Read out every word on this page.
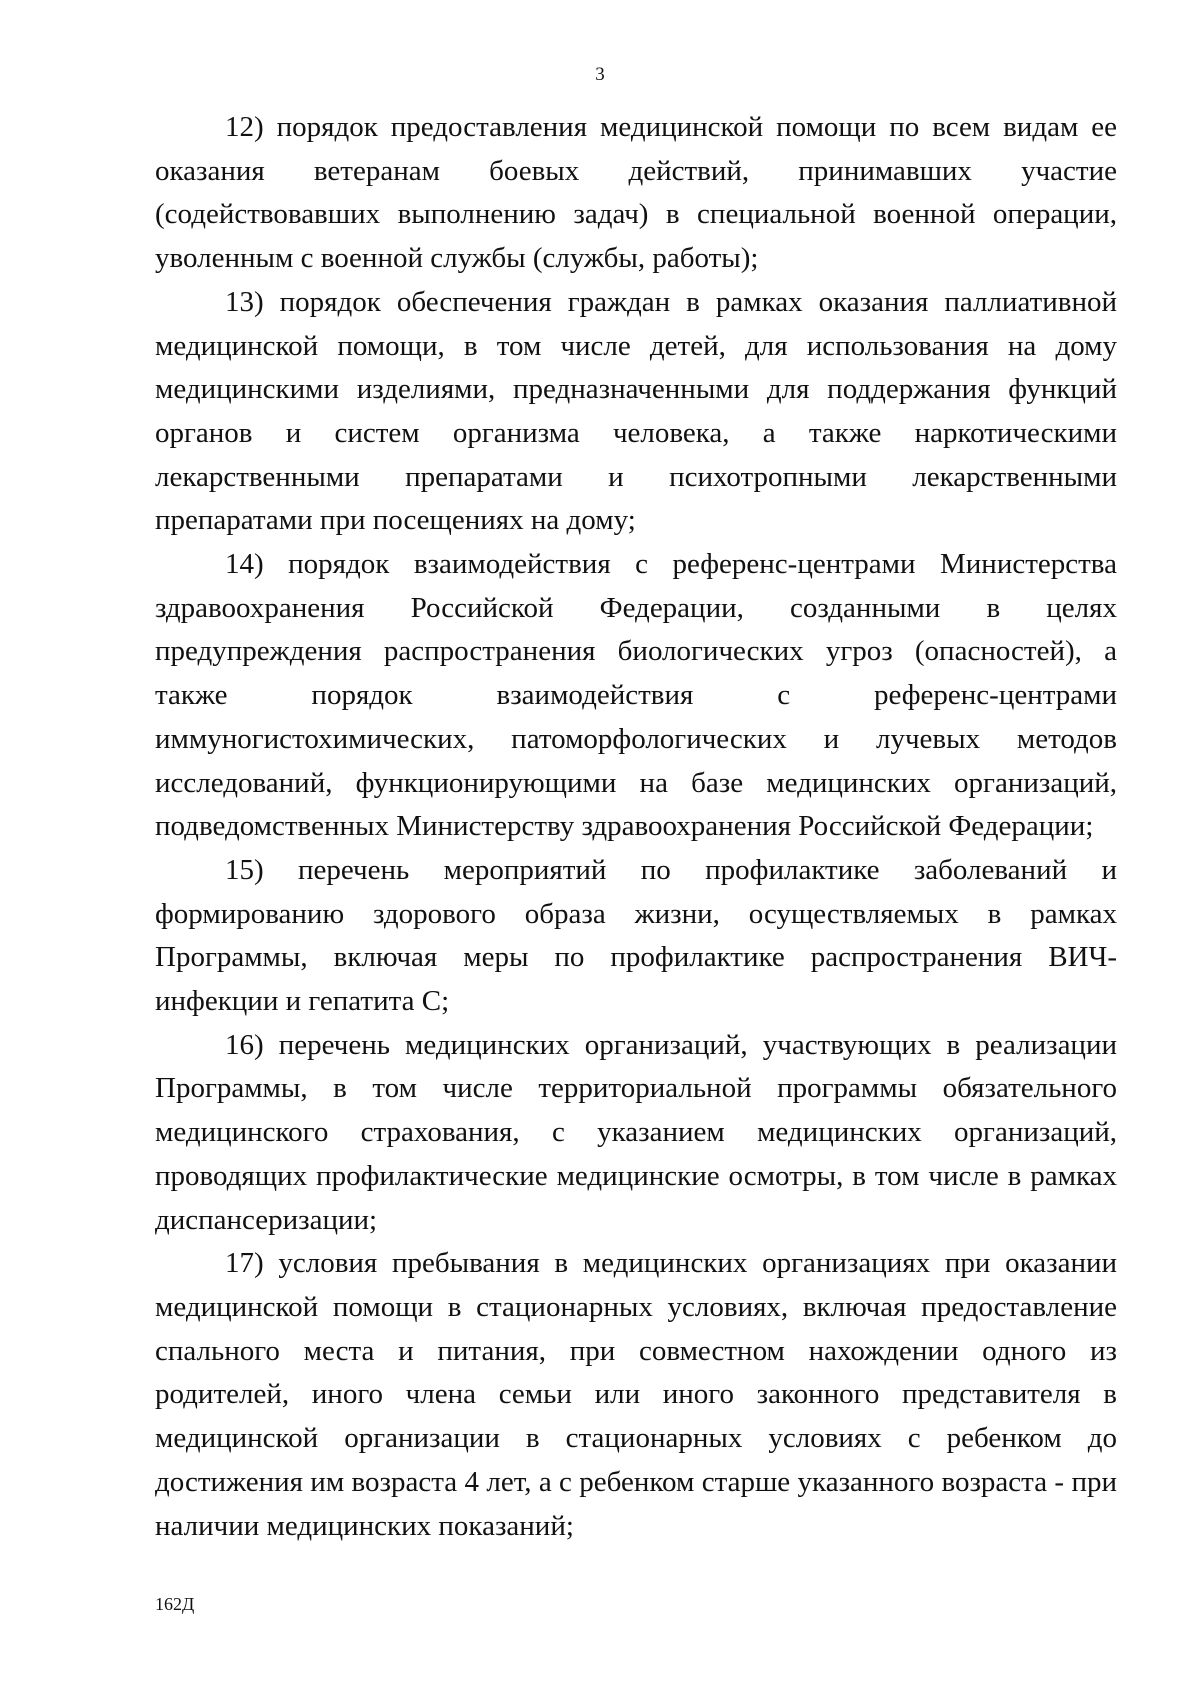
3

12) порядок предоставления медицинской помощи по всем видам ее оказания ветеранам боевых действий, принимавших участие (содействовавших выполнению задач) в специальной военной операции, уволенным с военной службы (службы, работы);

13) порядок обеспечения граждан в рамках оказания паллиативной медицинской помощи, в том числе детей, для использования на дому медицинскими изделиями, предназначенными для поддержания функций органов и систем организма человека, а также наркотическими лекарственными препаратами и психотропными лекарственными препаратами при посещениях на дому;

14) порядок взаимодействия с референс-центрами Министерства здравоохранения Российской Федерации, созданными в целях предупреждения распространения биологических угроз (опасностей), а также порядок взаимодействия с референс-центрами иммуногистохимических, патоморфологических и лучевых методов исследований, функционирующими на базе медицинских организаций, подведомственных Министерству здравоохранения Российской Федерации;

15) перечень мероприятий по профилактике заболеваний и формированию здорового образа жизни, осуществляемых в рамках Программы, включая меры по профилактике распространения ВИЧ-инфекции и гепатита С;

16) перечень медицинских организаций, участвующих в реализации Программы, в том числе территориальной программы обязательного медицинского страхования, с указанием медицинских организаций, проводящих профилактические медицинские осмотры, в том числе в рамках диспансеризации;

17) условия пребывания в медицинских организациях при оказании медицинской помощи в стационарных условиях, включая предоставление спального места и питания, при совместном нахождении одного из родителей, иного члена семьи или иного законного представителя в медицинской организации в стационарных условиях с ребенком до достижения им возраста 4 лет, а с ребенком старше указанного возраста - при наличии медицинских показаний;

162Д
